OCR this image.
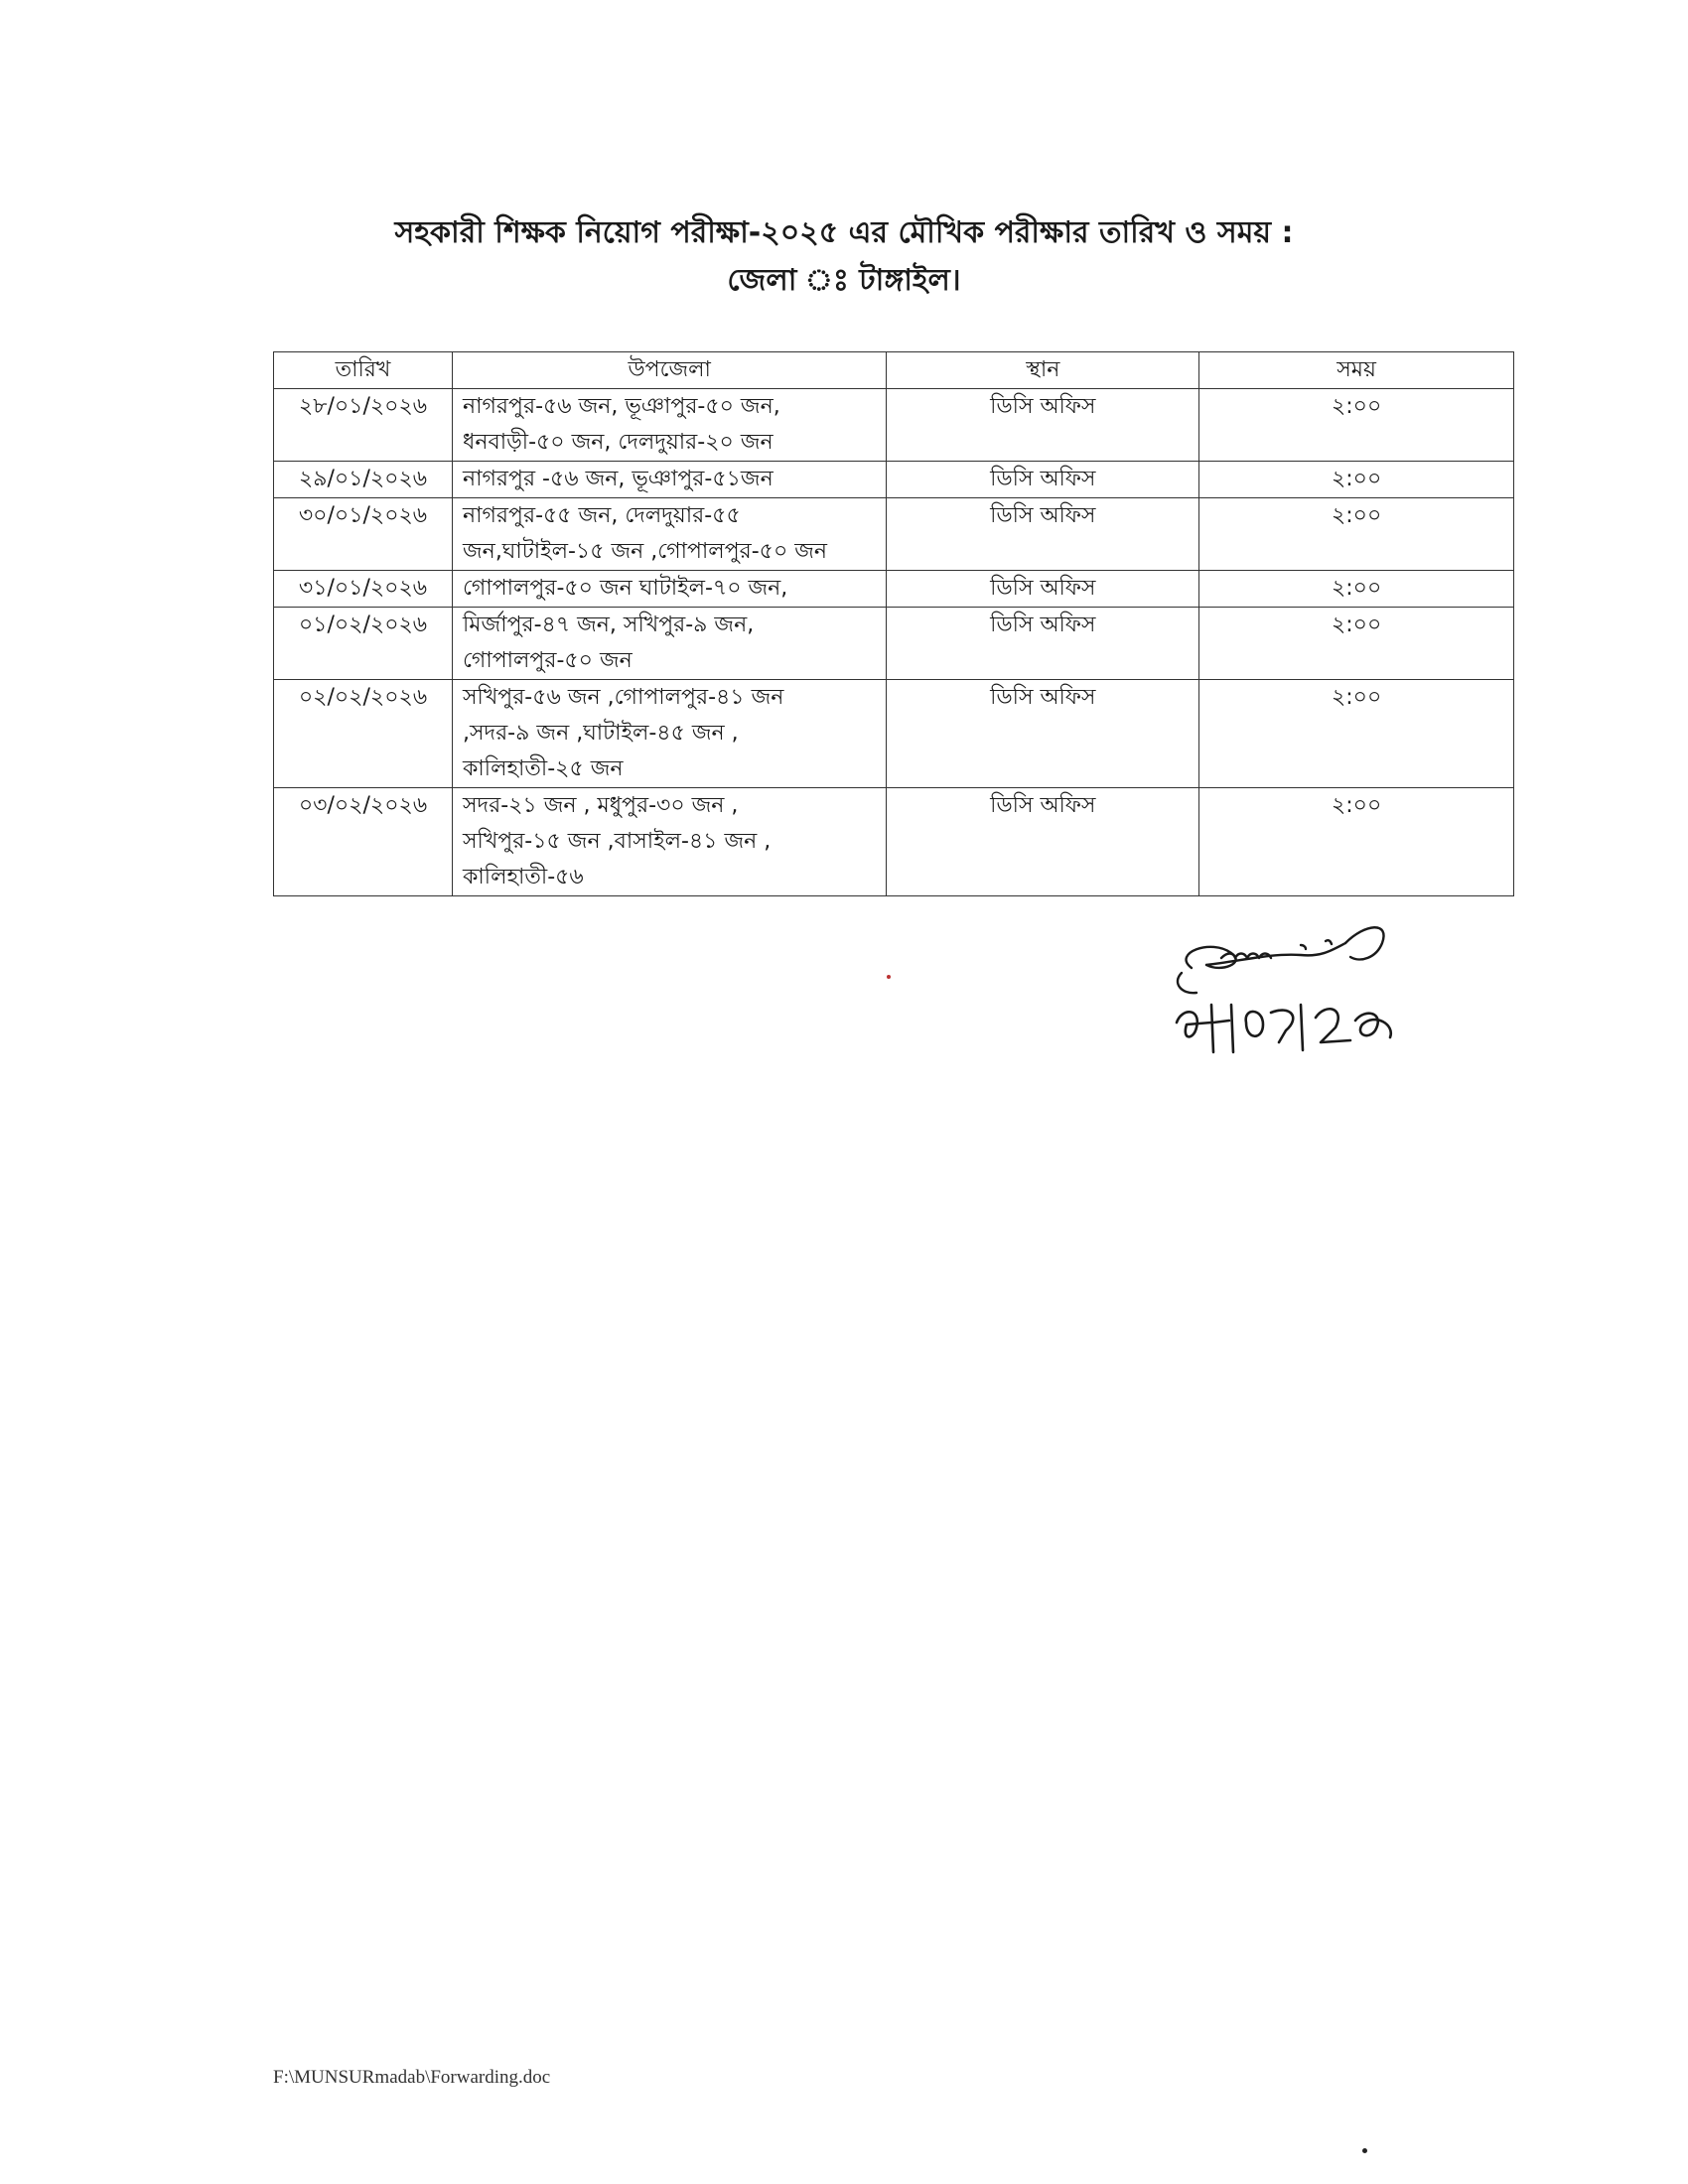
সহকারী শিক্ষক নিয়োগ পরীক্ষা-২০২৫ এর মৌখিক পরীক্ষার তারিখ ও সময় :
জেলা ঃ টাঙ্গাইল।
তারিখ	উপজেলা	স্থান	সময়
২৮/০১/২০২৬	নাগরপুর-৫৬ জন, ভূঞাপুর-৫০ জন,
ধনবাড়ী-৫০ জন, দেলদুয়ার-২০ জন	ডিসি অফিস	২:০০
২৯/০১/২০২৬	নাগরপুর -৫৬ জন, ভূঞাপুর-৫১জন	ডিসি অফিস	২:০০
৩০/০১/২০২৬	নাগরপুর-৫৫ জন, দেলদুয়ার-৫৫
জন,ঘাটাইল-১৫ জন ,গোপালপুর-৫০ জন	ডিসি অফিস	২:০০
৩১/০১/২০২৬	গোপালপুর-৫০ জন ঘাটাইল-৭০ জন,	ডিসি অফিস	২:০০
০১/০২/২০২৬	মির্জাপুর-৪৭ জন, সখিপুর-৯ জন,
গোপালপুর-৫০ জন	ডিসি অফিস	২:০০
০২/০২/২০২৬	সখিপুর-৫৬ জন ,গোপালপুর-৪১ জন
,সদর-৯ জন ,ঘাটাইল-৪৫ জন ,
কালিহাতী-২৫ জন	ডিসি অফিস	২:০০
০৩/০২/২০২৬	সদর-২১ জন , মধুপুর-৩০ জন ,
সখিপুর-১৫ জন ,বাসাইল-৪১ জন ,
কালিহাতী-৫৬	ডিসি অফিস	২:০০
F:\MUNSURmadab\Forwarding.doc
